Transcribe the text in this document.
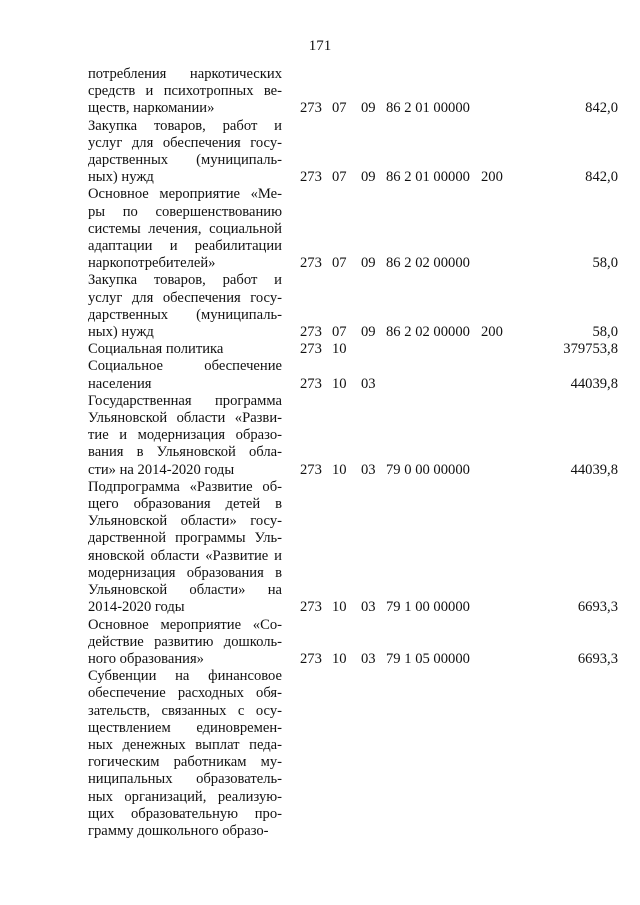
171
потребления наркотических
средств и психотропных ве-
ществ, наркомании»	273 07 09 86 2 01 00000	842,0
Закупка товаров, работ и
услуг для обеспечения госу-
дарственных (муниципаль-
ных) нужд	273 07 09 86 2 01 00000 200	842,0
Основное мероприятие «Ме-
ры по совершенствованию
системы лечения, социальной
адаптации и реабилитации
наркопотребителей»	273 07 09 86 2 02 00000	58,0
Закупка товаров, работ и
услуг для обеспечения госу-
дарственных (муниципаль-
ных) нужд	273 07 09 86 2 02 00000 200	58,0
Социальная политика	273 10	379753,8
Социальное обеспечение
населения	273 10 03	44039,8
Государственная программа
Ульяновской области «Разви-
тие и модернизация образо-
вания в Ульяновской обла-
сти» на 2014-2020 годы	273 10 03 79 0 00 00000	44039,8
Подпрограмма «Развитие об-
щего образования детей в
Ульяновской области» госу-
дарственной программы Уль-
яновской области «Развитие и
модернизация образования в
Ульяновской области» на
2014-2020 годы	273 10 03 79 1 00 00000	6693,3
Основное мероприятие «Со-
действие развитию дошколь-
ного образования»	273 10 03 79 1 05 00000	6693,3
Субвенции на финансовое
обеспечение расходных обя-
зательств, связанных с осу-
ществлением единовремен-
ных денежных выплат педа-
гогическим работникам му-
ниципальных образователь-
ных организаций, реализую-
щих образовательную про-
грамму дошкольного образо-
